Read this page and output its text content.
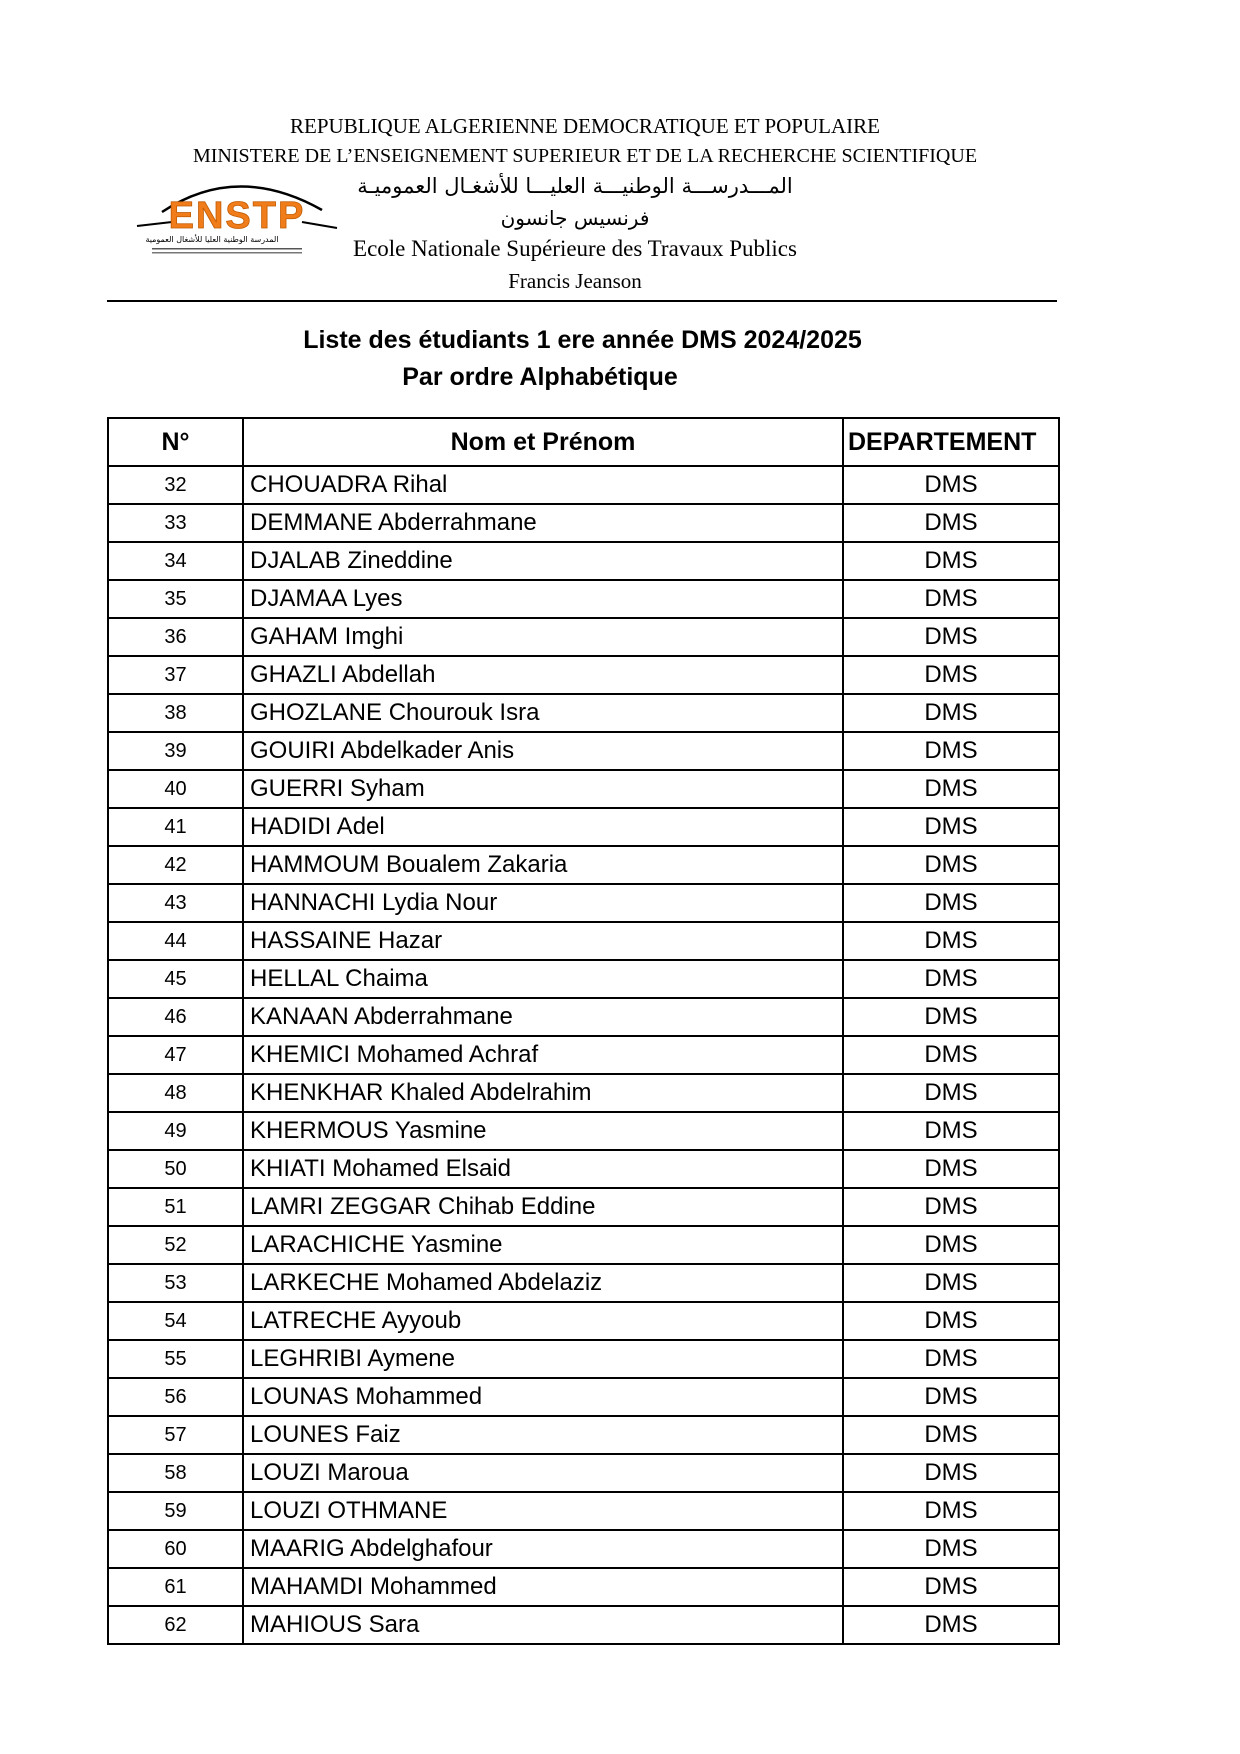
REPUBLIQUE ALGERIENNE DEMOCRATIQUE ET POPULAIRE
MINISTERE DE L’ENSEIGNEMENT SUPERIEUR ET DE LA RECHERCHE SCIENTIFIQUE
المـــدرســـة الوطنيـــة العليـــا للأشغـال العموميـة
فرنسيس جانسون
Ecole Nationale Supérieure des Travaux Publics
Francis Jeanson
ENSTP
المدرسة الوطنية العليا للأشغال العمومية
Liste des étudiants 1 ere année DMS 2024/2025
Par ordre Alphabétique
N°	Nom et Prénom	DEPARTEMENT
32	CHOUADRA Rihal	DMS
33	DEMMANE Abderrahmane	DMS
34	DJALAB Zineddine	DMS
35	DJAMAA Lyes	DMS
36	GAHAM Imghi	DMS
37	GHAZLI Abdellah	DMS
38	GHOZLANE Chourouk Isra	DMS
39	GOUIRI Abdelkader Anis	DMS
40	GUERRI Syham	DMS
41	HADIDI Adel	DMS
42	HAMMOUM Boualem Zakaria	DMS
43	HANNACHI Lydia Nour	DMS
44	HASSAINE Hazar	DMS
45	HELLAL Chaima	DMS
46	KANAAN Abderrahmane	DMS
47	KHEMICI Mohamed Achraf	DMS
48	KHENKHAR Khaled Abdelrahim	DMS
49	KHERMOUS Yasmine	DMS
50	KHIATI Mohamed Elsaid	DMS
51	LAMRI ZEGGAR Chihab Eddine	DMS
52	LARACHICHE Yasmine	DMS
53	LARKECHE Mohamed Abdelaziz	DMS
54	LATRECHE Ayyoub	DMS
55	LEGHRIBI Aymene	DMS
56	LOUNAS Mohammed	DMS
57	LOUNES Faiz	DMS
58	LOUZI Maroua	DMS
59	LOUZI OTHMANE	DMS
60	MAARIG Abdelghafour	DMS
61	MAHAMDI Mohammed	DMS
62	MAHIOUS Sara	DMS
